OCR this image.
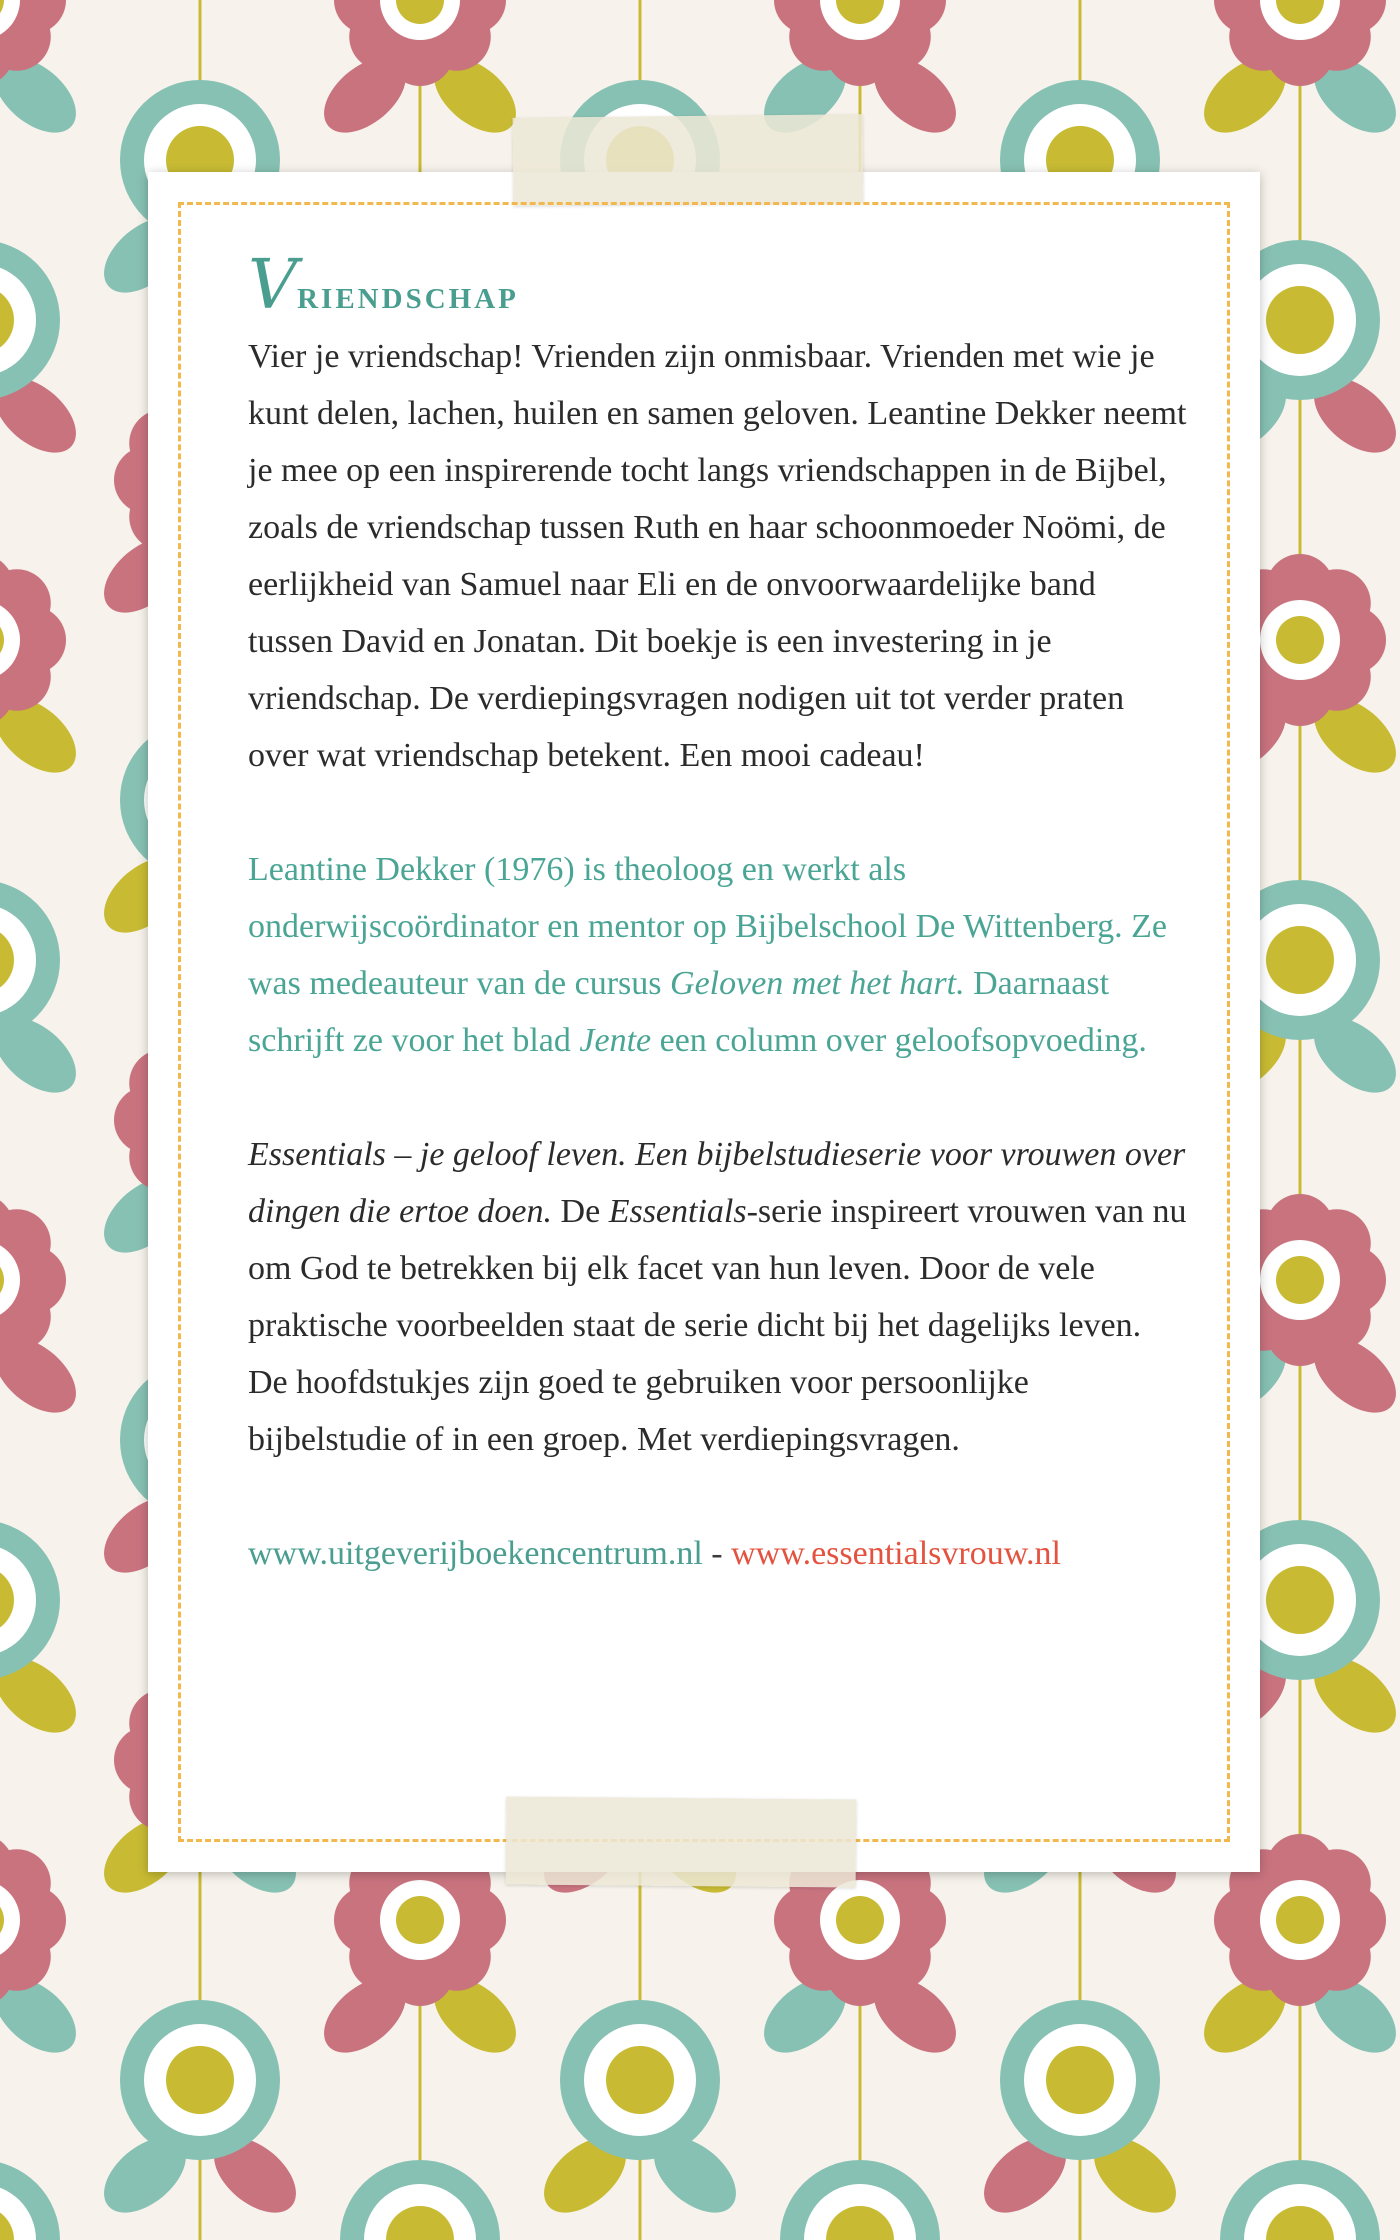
Vriendschap

Vier je vriendschap! Vrienden zijn onmisbaar. Vrienden met wie je kunt delen, lachen, huilen en samen geloven. Leantine Dekker neemt je mee op een inspirerende tocht langs vriendschappen in de Bijbel, zoals de vriendschap tussen Ruth en haar schoonmoeder Noömi, de eerlijkheid van Samuel naar Eli en de onvoorwaardelijke band tussen David en Jonatan. Dit boekje is een investering in je vriendschap. De verdiepingsvragen nodigen uit tot verder praten over wat vriendschap betekent. Een mooi cadeau!

Leantine Dekker (1976) is theoloog en werkt als onderwijscoördinator en mentor op Bijbelschool De Wittenberg. Ze was medeauteur van de cursus Geloven met het hart. Daarnaast schrijft ze voor het blad Jente een column over geloofsopvoeding.

Essentials – je geloof leven. Een bijbelstudieserie voor vrouwen over dingen die ertoe doen. De Essentials-serie inspireert vrouwen van nu om God te betrekken bij elk facet van hun leven. Door de vele praktische voorbeelden staat de serie dicht bij het dagelijks leven. De hoofdstukjes zijn goed te gebruiken voor persoonlijke bijbelstudie of in een groep. Met verdiepingsvragen.

www.uitgeverijboekencentrum.nl - www.essentialsvrouw.nl
